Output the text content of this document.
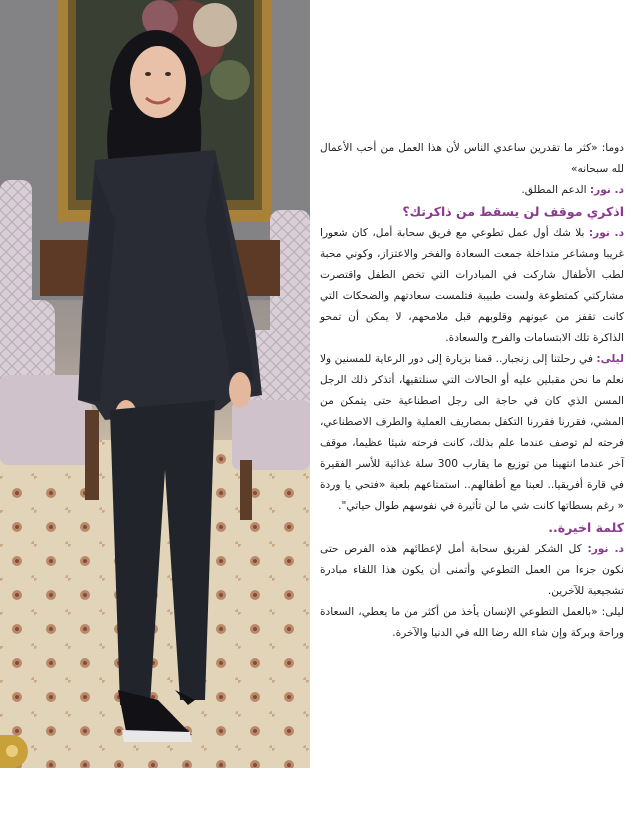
دوما: «كثر ما تقدرين ساعدي الناس لأن هذا العمل من أحب الأعمال لله سبحانه»

د. نور: الدعم المطلق.

اذكري موقف لن يسقط من ذاكرتك؟

د. نور: بلا شك أول عمل تطوعي مع فريق سحابة أمل، كان شعورا غريبا ومشاعر متداخلة جمعت السعادة والفخر والاعتزاز، وكوني محبة لطب الأطفال شاركت في المبادرات التي تخص الطفل واقتصرت مشاركتي كمتطوعة ولست طبيبة فتلمست سعادتهم والضحكات التي كانت تقفز من عيونهم وقلوبهم قبل ملامحهم، لا يمكن أن تمحو الذاكرة تلك الابتسامات والفرح والسعادة.

ليلى: في رحلتنا إلى زنجبار.. قمنا بزيارة إلى دور الرعاية للمسنين ولا نعلم ما نحن مقبلين عليه أو الحالات التي سنلتقيها، أتذكر ذلك الرجل المسن الذي كان في حاجة الى رجل اصطناعية حتى يتمكن من المشي، فقررنا فقررنا التكفل بمصاريف العملية والطرف الاصطناعي، فرحته لم توصف عندما علم بذلك، كانت فرحته شيئا عظيما، موقف آخر عندما انتهينا من توزيع ما يقارب 300 سلة غذائية للأسر الفقيرة في قارة أفريقيا.. لعبنا مع أطفالهم.. استمتاعهم بلعبة «فتحي يا وردة « رغم بسطاتها كانت شي ما لن تأثيرة في نفوسهم طوال حياتي".

كلمة اخيرة..

د. نور: كل الشكر لفريق سحابة أمل لإعطائهم هذه الفرص حتى نكون جزءا من العمل التطوعي وأتمنى أن يكون هذا اللقاء مبادرة تشجيعية للآخرين.

ليلى: «بالعمل التطوعي الإنسان يأخذ من أكثر من ما يعطي، السعادة وراحة وبركة وإن شاء الله رضا الله في الدنيا والآخرة.
